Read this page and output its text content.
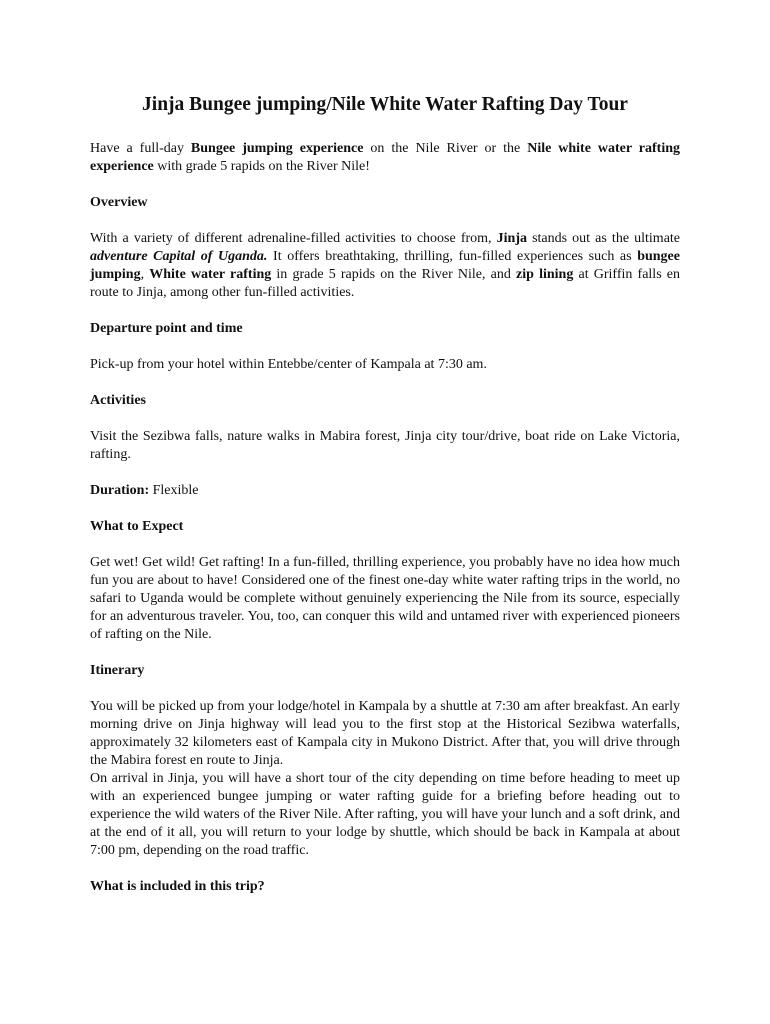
Jinja Bungee jumping/Nile White Water Rafting Day Tour

Have a full-day Bungee jumping experience on the Nile River or the Nile white water rafting experience with grade 5 rapids on the River Nile!

Overview

With a variety of different adrenaline-filled activities to choose from, Jinja stands out as the ultimate adventure Capital of Uganda. It offers breathtaking, thrilling, fun-filled experiences such as bungee jumping, White water rafting in grade 5 rapids on the River Nile, and zip lining at Griffin falls en route to Jinja, among other fun-filled activities.

Departure point and time

Pick-up from your hotel within Entebbe/center of Kampala at 7:30 am.

Activities

Visit the Sezibwa falls, nature walks in Mabira forest, Jinja city tour/drive, boat ride on Lake Victoria, rafting.

Duration: Flexible

What to Expect

Get wet! Get wild! Get rafting! In a fun-filled, thrilling experience, you probably have no idea how much fun you are about to have! Considered one of the finest one-day white water rafting trips in the world, no safari to Uganda would be complete without genuinely experiencing the Nile from its source, especially for an adventurous traveler. You, too, can conquer this wild and untamed river with experienced pioneers of rafting on the Nile.

Itinerary

You will be picked up from your lodge/hotel in Kampala by a shuttle at 7:30 am after breakfast. An early morning drive on Jinja highway will lead you to the first stop at the Historical Sezibwa waterfalls, approximately 32 kilometers east of Kampala city in Mukono District. After that, you will drive through the Mabira forest en route to Jinja.

On arrival in Jinja, you will have a short tour of the city depending on time before heading to meet up with an experienced bungee jumping or water rafting guide for a briefing before heading out to experience the wild waters of the River Nile. After rafting, you will have your lunch and a soft drink, and at the end of it all, you will return to your lodge by shuttle, which should be back in Kampala at about 7:00 pm, depending on the road traffic.

What is included in this trip?
